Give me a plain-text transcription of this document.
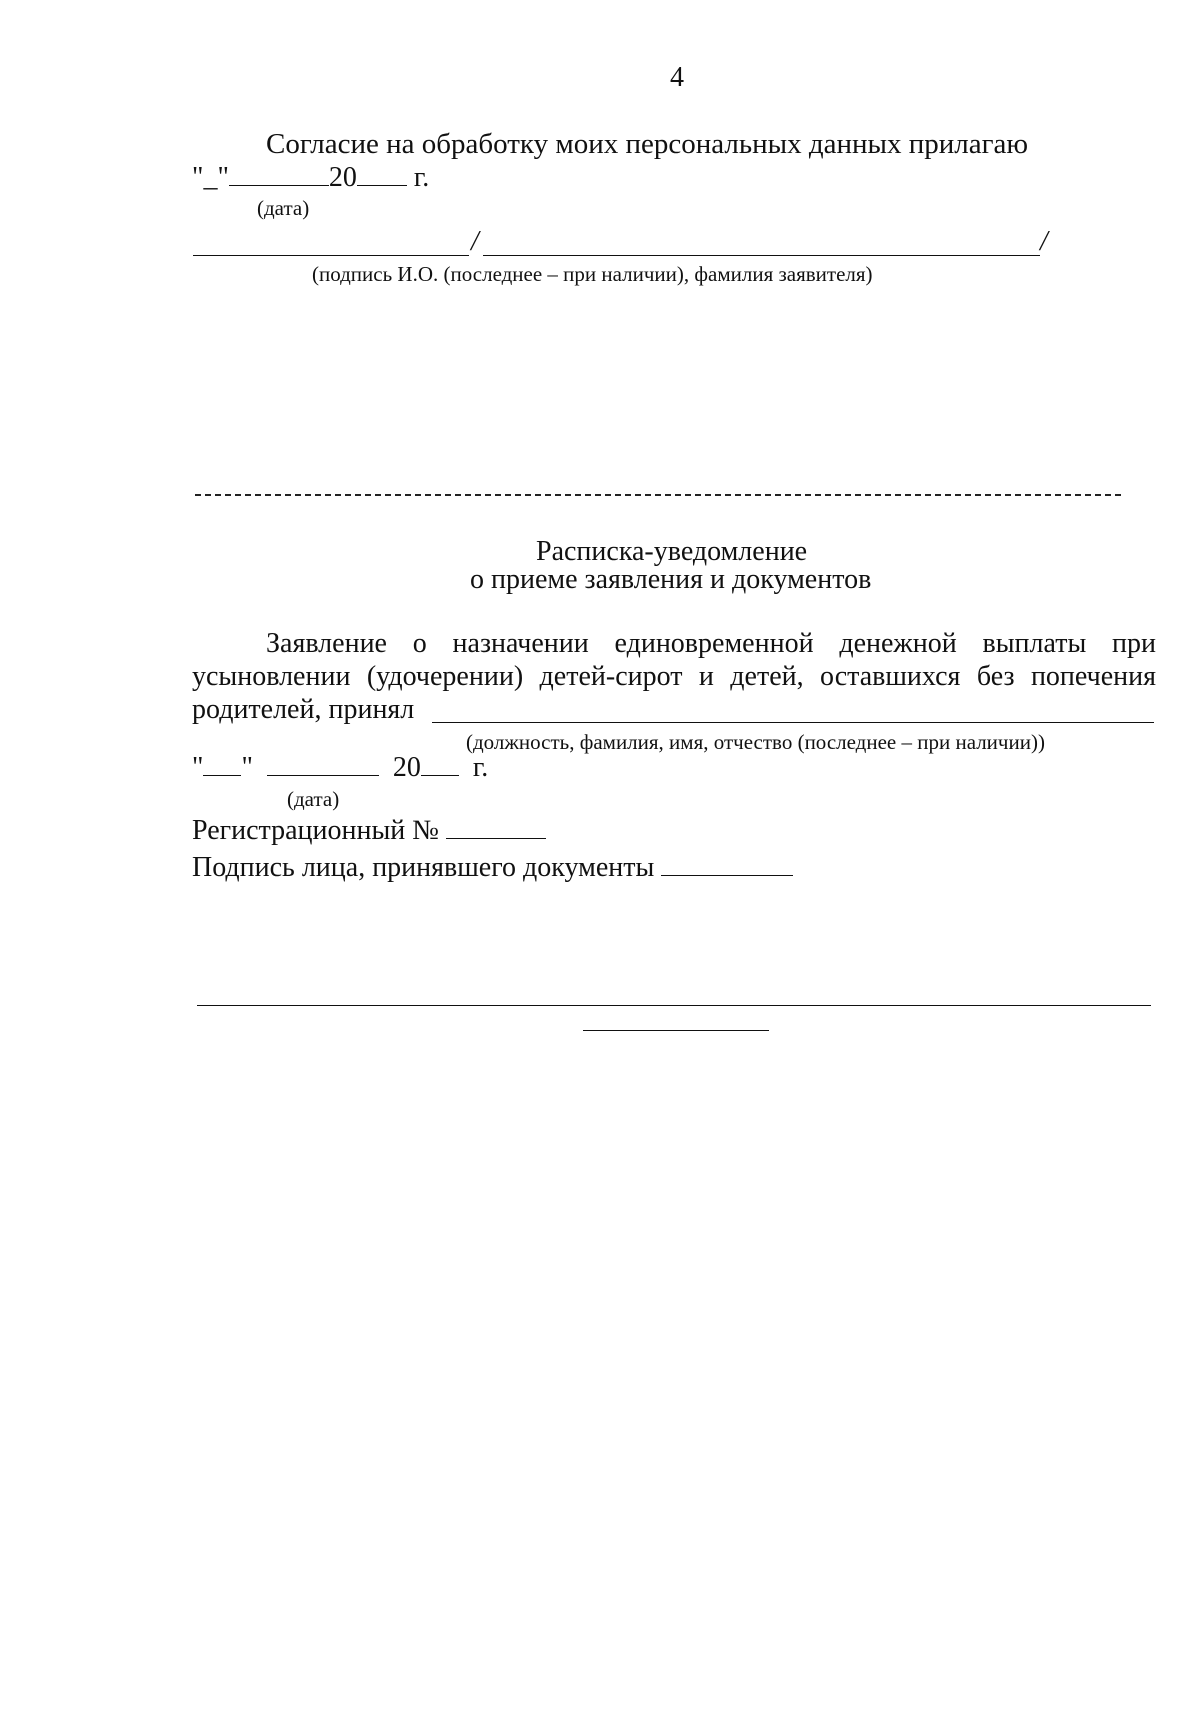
4
Согласие на обработку моих персональных данных прилагаю
"_"	20 г.
(дата)
/	/
(подпись И.О. (последнее – при наличии), фамилия заявителя)
Расписка-уведомление
о приеме заявления и документов
Заявление о назначении единовременной денежной выплаты при усыновлении (удочерении) детей-сирот и детей, оставшихся без попечения родителей, принял
(должность, фамилия, имя, отчество (последнее – при наличии))
" "	20 г.
(дата)
Регистрационный №
Подпись лица, принявшего документы
